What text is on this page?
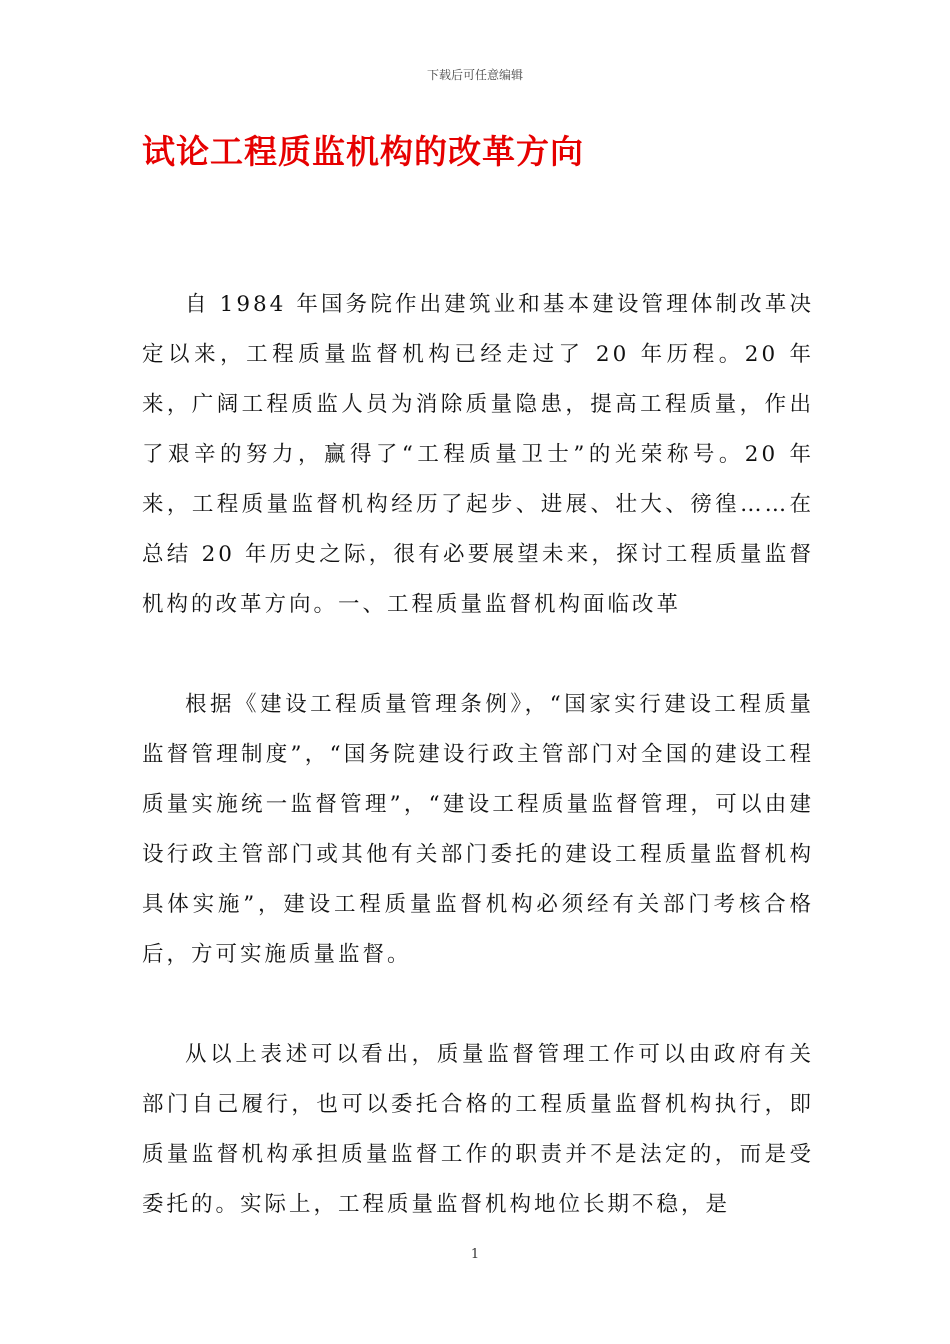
下载后可任意编辑
试论工程质监机构的改革方向

自 1984 年国务院作出建筑业和基本建设管理体制改革决定以来，工程质量监督机构已经走过了 20 年历程。20 年来，广阔工程质监人员为消除质量隐患，提高工程质量，作出了艰辛的努力，赢得了“工程质量卫士”的光荣称号。20 年来，工程质量监督机构经历了起步、进展、壮大、徬徨……在总结 20 年历史之际，很有必要展望未来，探讨工程质量监督机构的改革方向。一、工程质量监督机构面临改革

根据《建设工程质量管理条例》，“国家实行建设工程质量监督管理制度”，“国务院建设行政主管部门对全国的建设工程质量实施统一监督管理”，“建设工程质量监督管理，可以由建设行政主管部门或其他有关部门委托的建设工程质量监督机构具体实施”，建设工程质量监督机构必须经有关部门考核合格后，方可实施质量监督。

从以上表述可以看出，质量监督管理工作可以由政府有关部门自己履行，也可以委托合格的工程质量监督机构执行，即质量监督机构承担质量监督工作的职责并不是法定的，而是受委托的。实际上，工程质量监督机构地位长期不稳，是

1
